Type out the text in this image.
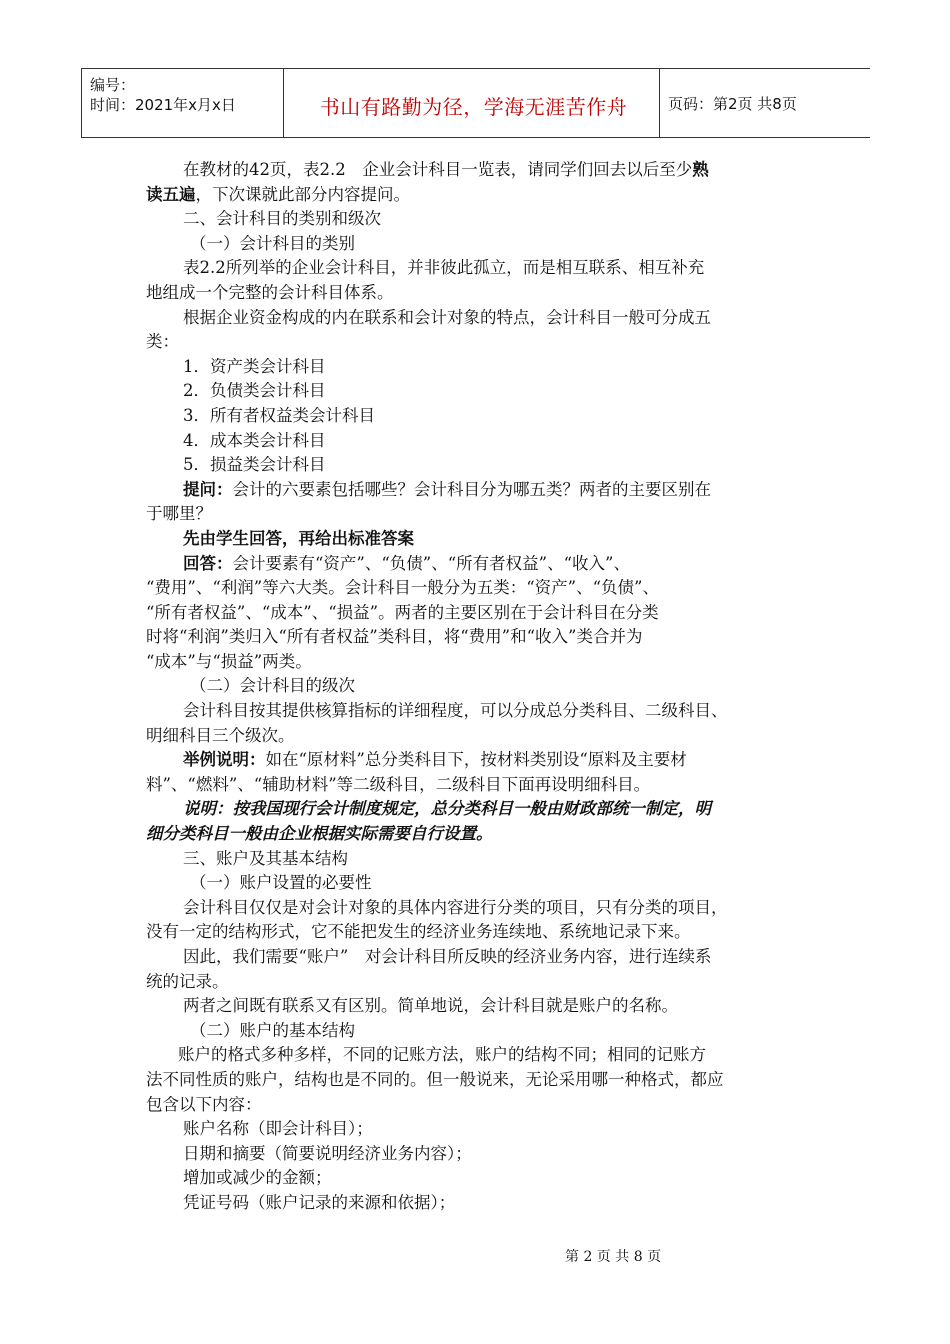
编号：
时间：2021年x月x日	书山有路勤为径，学海无涯苦作舟	页码：第2页 共8页

在教材的42页，表2.2　企业会计科目一览表，请同学们回去以后至少熟

读五遍，下次课就此部分内容提问。

二、会计科目的类别和级次

（一）会计科目的类别

表2.2所列举的企业会计科目，并非彼此孤立，而是相互联系、相互补充

地组成一个完整的会计科目体系。

根据企业资金构成的内在联系和会计对象的特点，会计科目一般可分成五

类：

1．资产类会计科目

2．负债类会计科目

3．所有者权益类会计科目

4．成本类会计科目

5．损益类会计科目

提问：会计的六要素包括哪些？会计科目分为哪五类？两者的主要区别在

于哪里？

先由学生回答，再给出标准答案

回答：会计要素有“资产”、“负债”、“所有者权益”、“收入”、

“费用”、“利润”等六大类。会计科目一般分为五类：“资产”、“负债”、

“所有者权益”、“成本”、“损益”。两者的主要区别在于会计科目在分类

时将“利润”类归入“所有者权益”类科目，将“费用”和“收入”类合并为

“成本”与“损益”两类。

（二）会计科目的级次

会计科目按其提供核算指标的详细程度，可以分成总分类科目、二级科目、

明细科目三个级次。

举例说明：如在“原材料”总分类科目下，按材料类别设“原料及主要材

料”、“燃料”、“辅助材料”等二级科目，二级科目下面再设明细科目。

说明：按我国现行会计制度规定，总分类科目一般由财政部统一制定，明

细分类科目一般由企业根据实际需要自行设置。

三、账户及其基本结构

（一）账户设置的必要性

会计科目仅仅是对会计对象的具体内容进行分类的项目，只有分类的项目，

没有一定的结构形式，它不能把发生的经济业务连续地、系统地记录下来。

因此，我们需要“账户”　对会计科目所反映的经济业务内容，进行连续系

统的记录。

两者之间既有联系又有区别。简单地说，会计科目就是账户的名称。

（二）账户的基本结构

账户的格式多种多样，不同的记账方法，账户的结构不同；相同的记账方

法不同性质的账户，结构也是不同的。但一般说来，无论采用哪一种格式，都应

包含以下内容：

账户名称（即会计科目）；

日期和摘要（简要说明经济业务内容）；

增加或减少的金额；

凭证号码（账户记录的来源和依据）；

第 2 页 共 8 页
